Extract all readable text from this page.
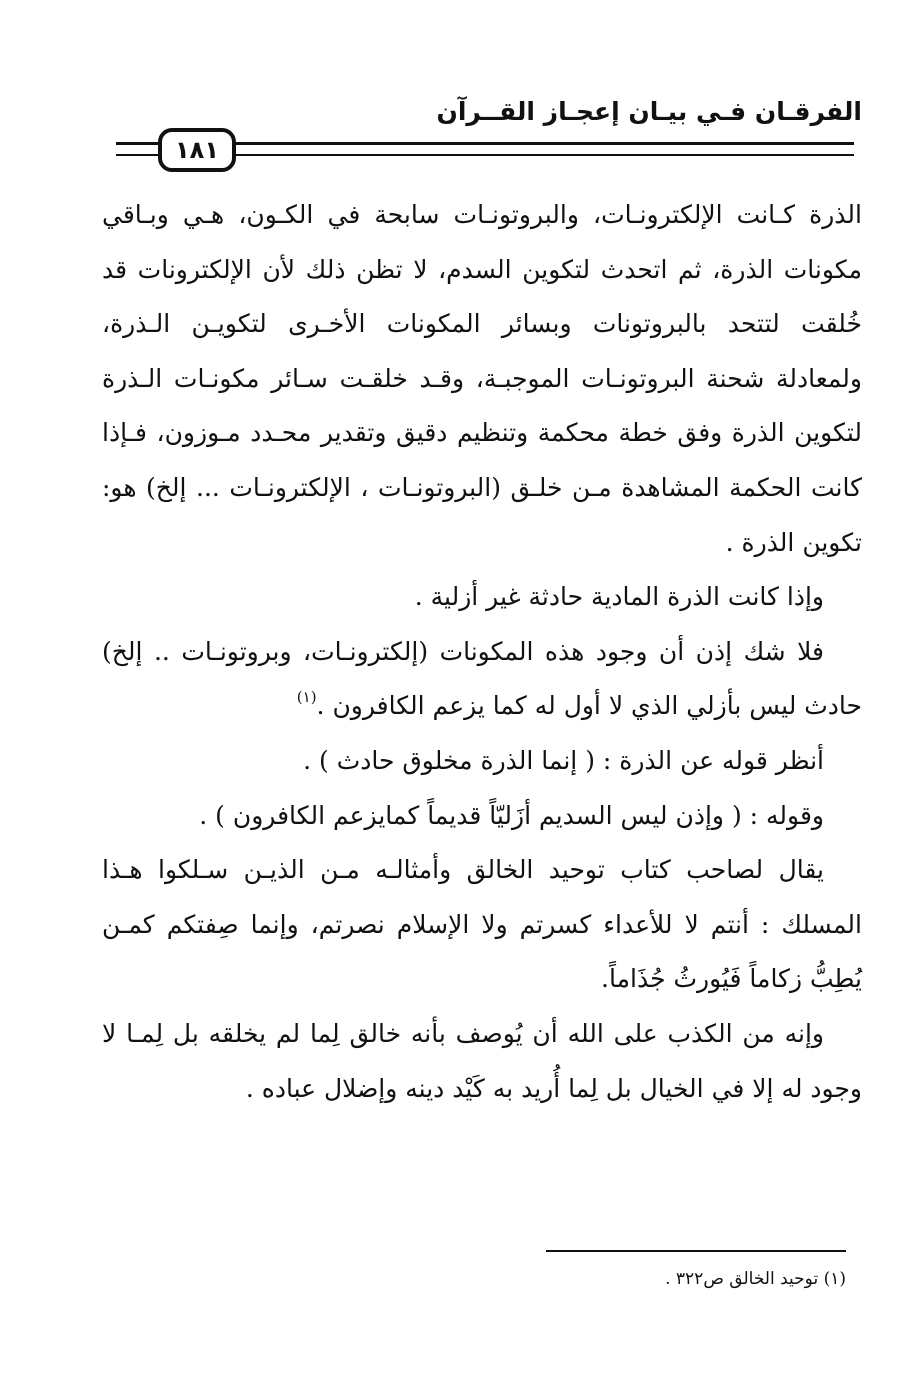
الفرقـان فـي بيـان إعجـاز القــرآن
١٨١

الذرة كـانت الإلكترونـات، والبروتونـات سابحة في الكـون، هـي وبـاقي مكونات الذرة، ثم اتحدث لتكوين السدم، لا تظن ذلك لأن الإلكترونات قد خُلقت لتتحد بالبروتونات وبسائر المكونات الأخـرى لتكويـن الـذرة، ولمعادلة شحنة البروتونـات الموجبـة، وقـد خلقـت سـائر مكونـات الـذرة لتكوين الذرة وفق خطة محكمة وتنظيم دقيق وتقدير محـدد مـوزون، فـإذا كانت الحكمة المشاهدة مـن خلـق (البروتونـات ، الإلكترونـات ... إلخ) هو: تكوين الذرة .

وإذا كانت الذرة المادية حادثة غير أزلية .

فلا شك إذن أن وجود هذه المكونات (إلكترونـات، وبروتونـات .. إلخ) حادث ليس بأزلي الذي لا أول له كما يزعم الكافرون .$^{(١)}$

أنظر قوله عن الذرة : ( إنما الذرة مخلوق حادث ) .

وقوله : ( وإذن ليس السديم أزَليّاً قديماً كمايزعم الكافرون ) .

يقال لصاحب كتاب توحيد الخالق وأمثالـه مـن الذيـن سـلكوا هـذا المسلك : أنتم لا للأعداء كسرتم ولا الإسلام نصرتم، وإنما صِفتكم كمـن يُطِبُّ زكاماً فَيُورثُ جُذَاماً.

وإنه من الكذب على الله أن يُوصف بأنه خالق لِما لم يخلقه بل لِمـا لا وجود له إلا في الخيال بل لِما أُريد به كَيْد دينه وإضلال عباده .

(١) توحيد الخالق ص٣٢٢ .
